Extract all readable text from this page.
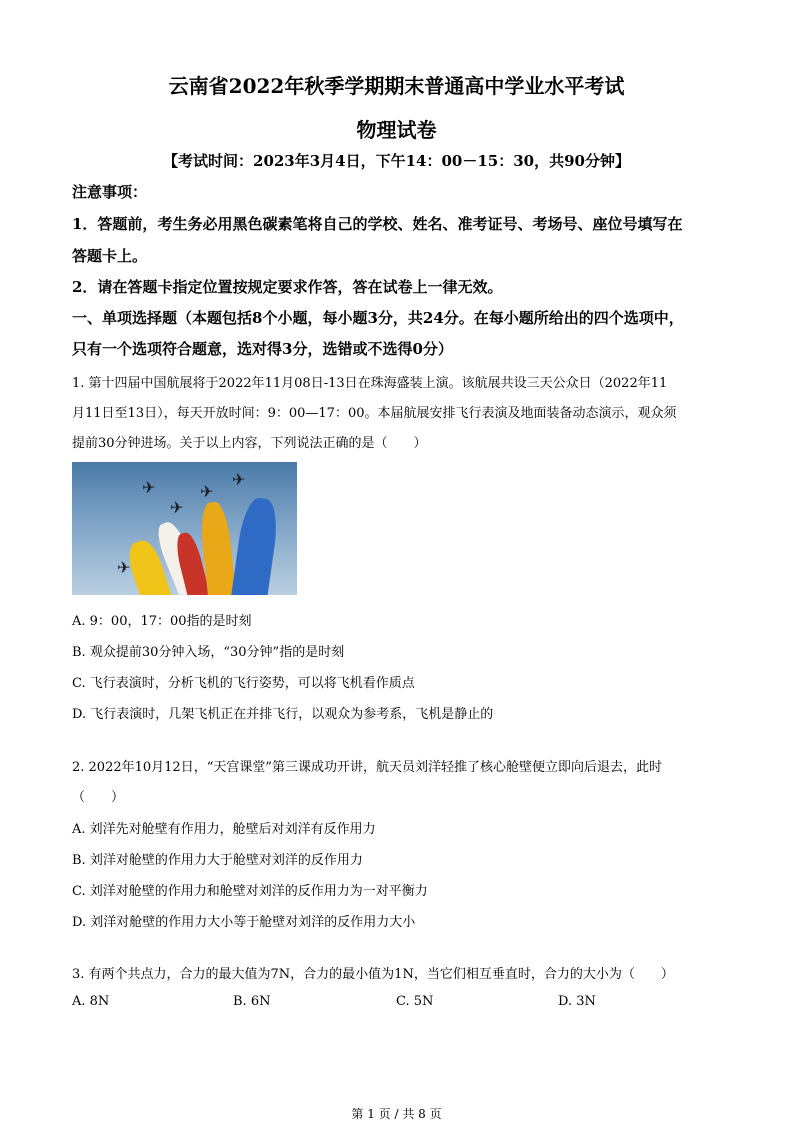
云南省2022年秋季学期期末普通高中学业水平考试
物理试卷
【考试时间：2023年3月4日，下午14：00－15：30，共90分钟】
注意事项：
1．答题前，考生务必用黑色碳素笔将自己的学校、姓名、准考证号、考场号、座位号填写在
答题卡上。
2．请在答题卡指定位置按规定要求作答，答在试卷上一律无效。
一、单项选择题（本题包括8个小题，每小题3分，共24分。在每小题所给出的四个选项中，
只有一个选项符合题意，选对得3分，选错或不选得0分）
1. 第十四届中国航展将于2022年11月08日-13日在珠海盛装上演。该航展共设三天公众日（2022年11
月11日至13日），每天开放时间：9：00—17：00。本届航展安排飞行表演及地面装备动态演示，观众须
提前30分钟进场。关于以上内容，下列说法正确的是（　　）
✈
✈
✈
✈
✈
A. 9：00，17：00指的是时刻
B. 观众提前30分钟入场，“30分钟”指的是时刻
C. 飞行表演时，分析飞机的飞行姿势，可以将飞机看作质点
D. 飞行表演时，几架飞机正在并排飞行，以观众为参考系，飞机是静止的
2. 2022年10月12日，“天宫课堂”第三课成功开讲，航天员刘洋轻推了核心舱壁便立即向后退去，此时
（　　）
A. 刘洋先对舱壁有作用力，舱壁后对刘洋有反作用力
B. 刘洋对舱壁的作用力大于舱壁对刘洋的反作用力
C. 刘洋对舱壁的作用力和舱壁对刘洋的反作用力为一对平衡力
D. 刘洋对舱壁的作用力大小等于舱壁对刘洋的反作用力大小
3. 有两个共点力，合力的最大值为7N，合力的最小值为1N，当它们相互垂直时，合力的大小为（　　）
A. 8N	B. 6N	C. 5N	D. 3N
第 1 页 / 共 8 页
